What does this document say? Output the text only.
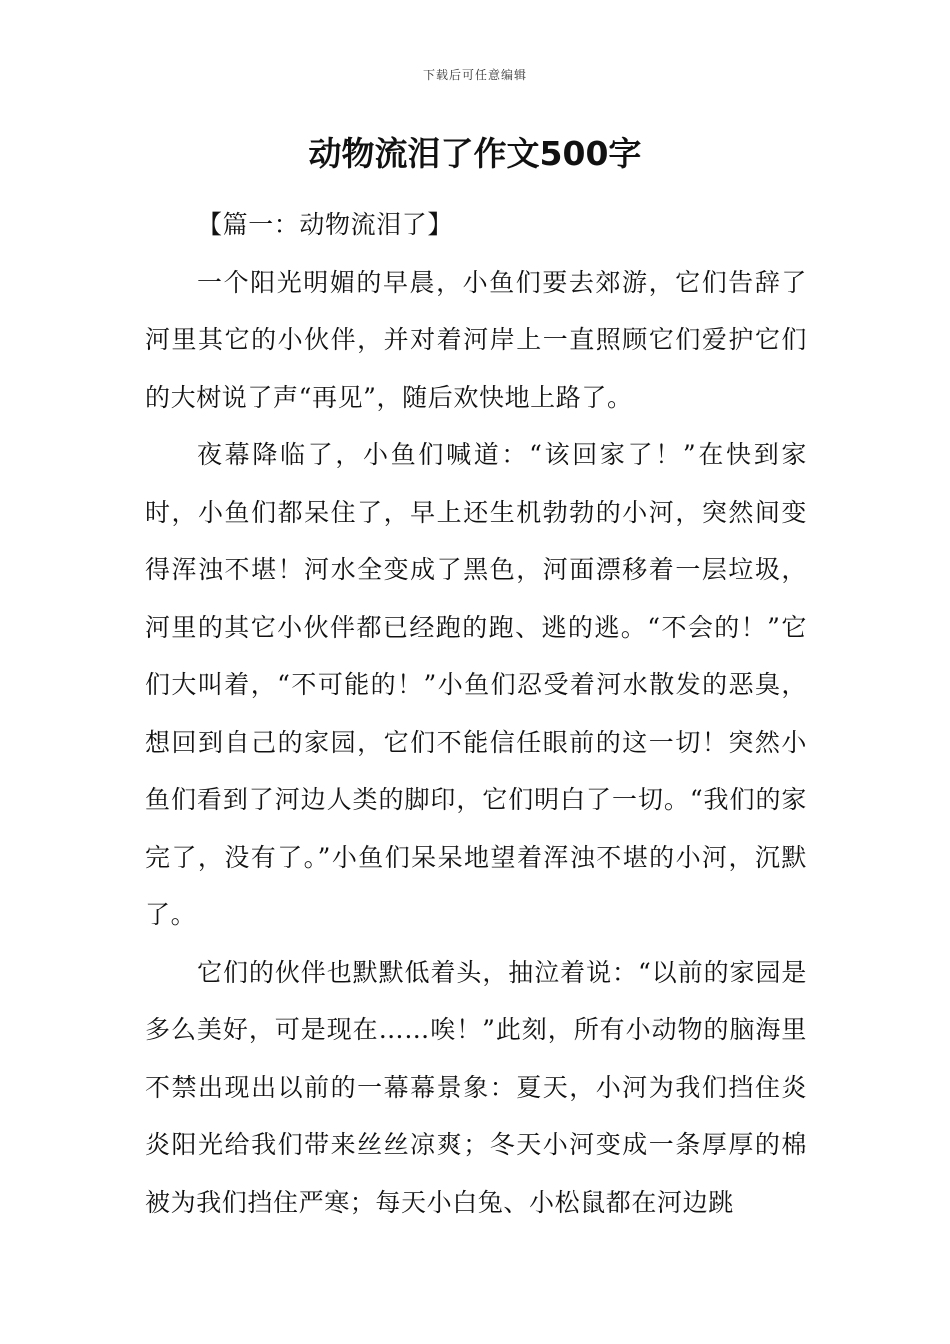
下载后可任意编辑
动物流泪了作文500字

【篇一：动物流泪了】

一个阳光明媚的早晨，小鱼们要去郊游，它们告辞了河里其它的小伙伴，并对着河岸上一直照顾它们爱护它们的大树说了声“再见”，随后欢快地上路了。

夜幕降临了，小鱼们喊道：“该回家了！”在快到家时，小鱼们都呆住了，早上还生机勃勃的小河，突然间变得浑浊不堪！河水全变成了黑色，河面漂移着一层垃圾，河里的其它小伙伴都已经跑的跑、逃的逃。“不会的！”它们大叫着，“不可能的！”小鱼们忍受着河水散发的恶臭，想回到自己的家园，它们不能信任眼前的这一切！突然小鱼们看到了河边人类的脚印，它们明白了一切。“我们的家完了，没有了。”小鱼们呆呆地望着浑浊不堪的小河，沉默了。

它们的伙伴也默默低着头，抽泣着说：“以前的家园是多么美好，可是现在……唉！”此刻，所有小动物的脑海里不禁出现出以前的一幕幕景象：夏天，小河为我们挡住炎炎阳光给我们带来丝丝凉爽；冬天小河变成一条厚厚的棉被为我们挡住严寒；每天小白兔、小松鼠都在河边跳
